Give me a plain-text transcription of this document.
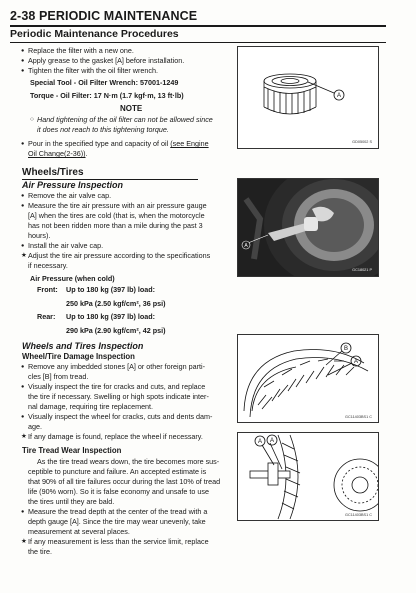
2-38 PERIODIC MAINTENANCE
Periodic Maintenance Procedures
● Replace the filter with a new one.
● Apply grease to the gasket [A] before installation.
● Tighten the filter with the oil filter wrench.
Special Tool - Oil Filter Wrench: 57001-1249
Torque - Oil Filter: 17 N·m (1.7 kgf·m, 13 ft·lb)
NOTE
○ Hand tightening of the oil filter can not be allowed since
it does not reach to this tightening torque.
● Pour in the specified type and capacity of oil (see Engine
Oil Change(2-36)).
A
GD05002 S
Wheels/Tires
Air Pressure Inspection
● Remove the air valve cap.
● Measure the tire air pressure with an air pressure gauge
[A] when the tires are cold (that is, when the motorcycle
has not been ridden more than a mile during the past 3
hours).
● Install the air valve cap.
★ Adjust the tire air pressure according to the specifications
if necessary.
Air Pressure (when cold)
Front: Up to 180 kg (397 lb) load:
250 kPa (2.50 kgf/cm², 36 psi)
Rear: Up to 180 kg (397 lb) load:
290 kPa (2.90 kgf/cm², 42 psi)
A
GC18021 P
Wheels and Tires Inspection
Wheel/Tire Damage Inspection
● Remove any imbedded stones [A] or other foreign parti-
cles [B] from tread.
● Visually inspect the tire for cracks and cuts, and replace
the tire if necessary. Swelling or high spots indicate inter-
nal damage, requiring tire replacement.
● Visually inspect the wheel for cracks, cuts and dents dam-
age.
★ If any damage is found, replace the wheel if necessary.
B
A
GC11403BS1 C
Tire Tread Wear Inspection
As the tire tread wears down, the tire becomes more sus-
ceptible to puncture and failure. An accepted estimate is
that 90% of all tire failures occur during the last 10% of tread
life (90% worn). So it is false economy and unsafe to use
the tires until they are bald.
● Measure the tread depth at the center of the tread with a
depth gauge [A]. Since the tire may wear unevenly, take
measurement at several places.
★ If any measurement is less than the service limit, replace
the tire.
A A
GC11403BS1 C
